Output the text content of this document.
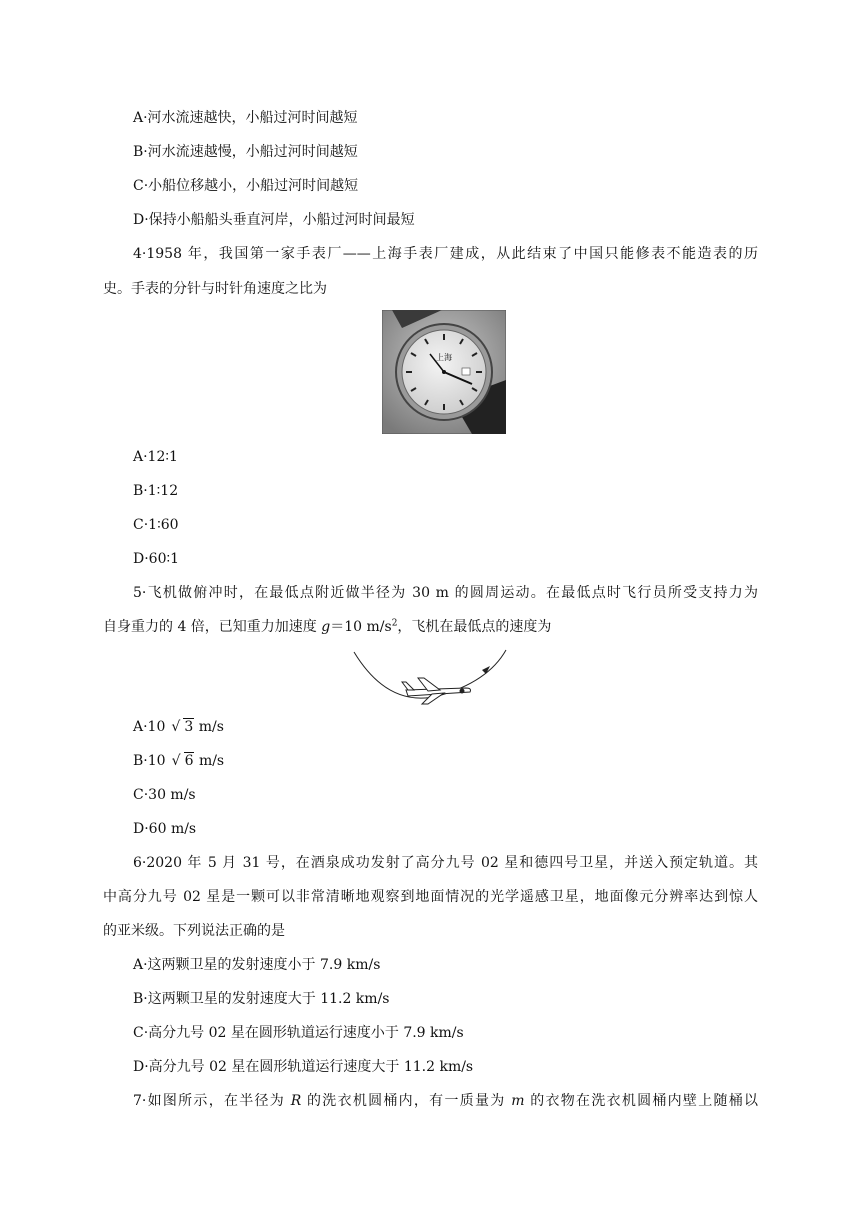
A·河水流速越快，小船过河时间越短
B·河水流速越慢，小船过河时间越短
C·小船位移越小，小船过河时间越短
D·保持小船船头垂直河岸，小船过河时间最短
4·1958 年，我国第一家手表厂——上海手表厂建成，从此结束了中国只能修表不能造表的历
史。手表的分针与时针角速度之比为
上海
A·12∶1
B·1∶12
C·1∶60
D·60∶1
5·飞机做俯冲时，在最低点附近做半径为 30 m 的圆周运动。在最低点时飞行员所受支持力为
自身重力的 4 倍，已知重力加速度 g＝10 $m/s^2$，飞机在最低点的速度为
A·10 √ 3 m/s
B·10 √ 6 m/s
C·30 m/s
D·60 m/s
6·2020 年 5 月 31 号，在酒泉成功发射了高分九号 02 星和德四号卫星，并送入预定轨道。其
中高分九号 02 星是一颗可以非常清晰地观察到地面情况的光学遥感卫星，地面像元分辨率达到惊人
的亚米级。下列说法正确的是
A·这两颗卫星的发射速度小于 7.9 km/s
B·这两颗卫星的发射速度大于 11.2 km/s
C·高分九号 02 星在圆形轨道运行速度小于 7.9 km/s
D·高分九号 02 星在圆形轨道运行速度大于 11.2 km/s
7·如图所示，在半径为 R 的洗衣机圆桶内，有一质量为 m 的衣物在洗衣机圆桶内壁上随桶以
